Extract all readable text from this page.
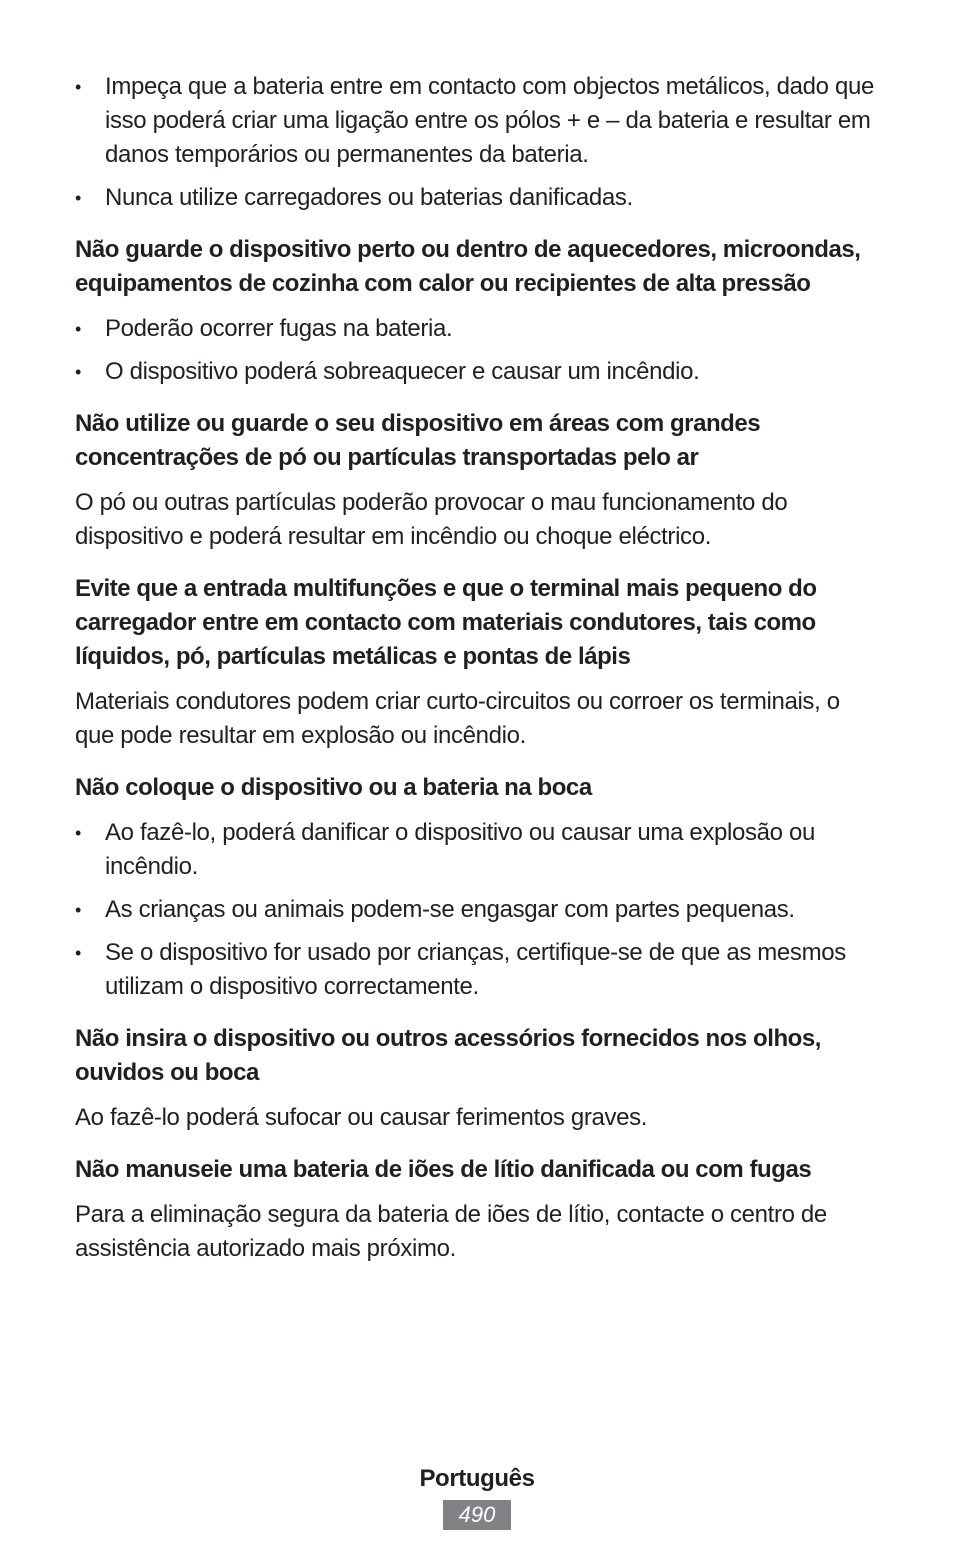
• Impeça que a bateria entre em contacto com objectos metálicos, dado que isso poderá criar uma ligação entre os pólos + e – da bateria e resultar em danos temporários ou permanentes da bateria.
• Nunca utilize carregadores ou baterias danificadas.
Não guarde o dispositivo perto ou dentro de aquecedores, microondas, equipamentos de cozinha com calor ou recipientes de alta pressão
• Poderão ocorrer fugas na bateria.
• O dispositivo poderá sobreaquecer e causar um incêndio.
Não utilize ou guarde o seu dispositivo em áreas com grandes concentrações de pó ou partículas transportadas pelo ar

O pó ou outras partículas poderão provocar o mau funcionamento do dispositivo e poderá resultar em incêndio ou choque eléctrico.

Evite que a entrada multifunções e que o terminal mais pequeno do carregador entre em contacto com materiais condutores, tais como líquidos, pó, partículas metálicas e pontas de lápis

Materiais condutores podem criar curto-circuitos ou corroer os terminais, o que pode resultar em explosão ou incêndio.

Não coloque o dispositivo ou a bateria na boca
• Ao fazê-lo, poderá danificar o dispositivo ou causar uma explosão ou incêndio.
• As crianças ou animais podem-se engasgar com partes pequenas.
• Se o dispositivo for usado por crianças, certifique-se de que as mesmos utilizam o dispositivo correctamente.
Não insira o dispositivo ou outros acessórios fornecidos nos olhos, ouvidos ou boca

Ao fazê-lo poderá sufocar ou causar ferimentos graves.

Não manuseie uma bateria de iões de lítio danificada ou com fugas

Para a eliminação segura da bateria de iões de lítio, contacte o centro de assistência autorizado mais próximo.

Português
490
